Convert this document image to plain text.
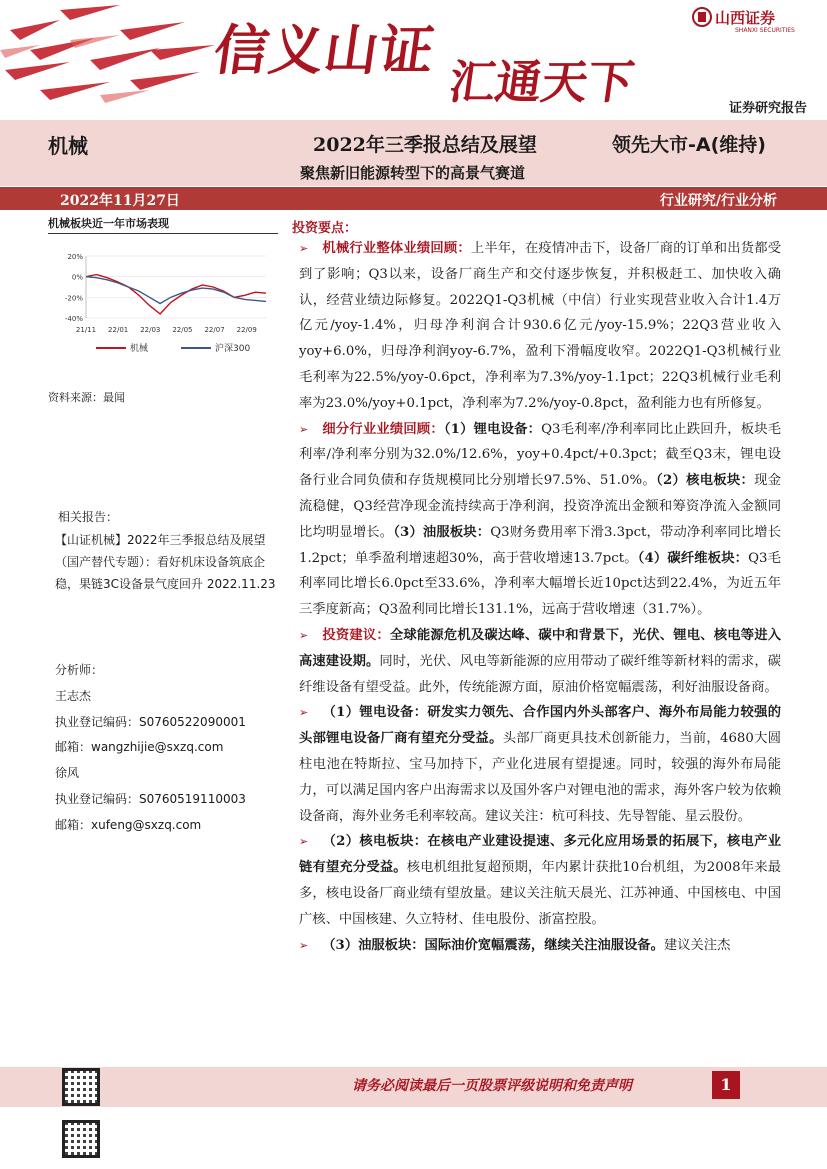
信义山证 汇通天下
山西证券
SHANXI SECURITIES
证券研究报告
机械	2022年三季报总结及展望	领先大市-A(维持)
聚焦新旧能源转型下的高景气赛道
2022年11月27日	行业研究/行业分析
机械板块近一年市场表现
20%
0%
-20%
-40%
21/11 22/01 22/03 22/05 22/07 22/09
机械	沪深300
资料来源：最闻
相关报告：
【山证机械】2022年三季报总结及展望（国产替代专题）：看好机床设备筑底企稳，果链3C设备景气度回升 2022.11.23
分析师：
王志杰
执业登记编码：S0760522090001
邮箱：wangzhijie@sxzq.com
徐风
执业登记编码：S0760519110003
邮箱：xufeng@sxzq.com
投资要点：

➢ 机械行业整体业绩回顾：上半年，在疫情冲击下，设备厂商的订单和出货都受到了影响；Q3以来，设备厂商生产和交付逐步恢复，并积极赶工、加快收入确认，经营业绩边际修复。2022Q1-Q3机械（中信）行业实现营业收入合计1.4万亿元/yoy-1.4%，归母净利润合计930.6亿元/yoy-15.9%；22Q3营业收入yoy+6.0%，归母净利润yoy-6.7%，盈利下滑幅度收窄。2022Q1-Q3机械行业毛利率为22.5%/yoy-0.6pct，净利率为7.3%/yoy-1.1pct；22Q3机械行业毛利率为23.0%/yoy+0.1pct，净利率为7.2%/yoy-0.8pct，盈利能力也有所修复。

➢ 细分行业业绩回顾：（1）锂电设备：Q3毛利率/净利率同比止跌回升，板块毛利率/净利率分别为32.0%/12.6%，yoy+0.4pct/+0.3pct；截至Q3末，锂电设备行业合同负债和存货规模同比分别增长97.5%、51.0%。（2）核电板块：现金流稳健，Q3经营净现金流持续高于净利润，投资净流出金额和筹资净流入金额同比均明显增长。（3）油服板块：Q3财务费用率下滑3.3pct，带动净利率同比增长1.2pct；单季盈利增速超30%，高于营收增速13.7pct。（4）碳纤维板块：Q3毛利率同比增长6.0pct至33.6%，净利率大幅增长近10pct达到22.4%，为近五年三季度新高；Q3盈利同比增长131.1%，远高于营收增速（31.7%）。

➢ 投资建议：全球能源危机及碳达峰、碳中和背景下，光伏、锂电、核电等进入高速建设期。同时，光伏、风电等新能源的应用带动了碳纤维等新材料的需求，碳纤维设备有望受益。此外，传统能源方面，原油价格宽幅震荡，利好油服设备商。

➢ （1）锂电设备：研发实力领先、合作国内外头部客户、海外布局能力较强的头部锂电设备厂商有望充分受益。头部厂商更具技术创新能力，当前，4680大圆柱电池在特斯拉、宝马加持下，产业化进展有望提速。同时，较强的海外布局能力，可以满足国内客户出海需求以及国外客户对锂电池的需求，海外客户较为依赖设备商，海外业务毛利率较高。建议关注：杭可科技、先导智能、星云股份。

➢ （2）核电板块：在核电产业建设提速、多元化应用场景的拓展下，核电产业链有望充分受益。核电机组批复超预期，年内累计获批10台机组，为2008年来最多，核电设备厂商业绩有望放量。建议关注航天晨光、江苏神通、中国核电、中国广核、中国核建、久立特材、佳电股份、浙富控股。

➢ （3）油服板块：国际油价宽幅震荡，继续关注油服设备。建议关注杰

请务必阅读最后一页股票评级说明和免责声明	1
